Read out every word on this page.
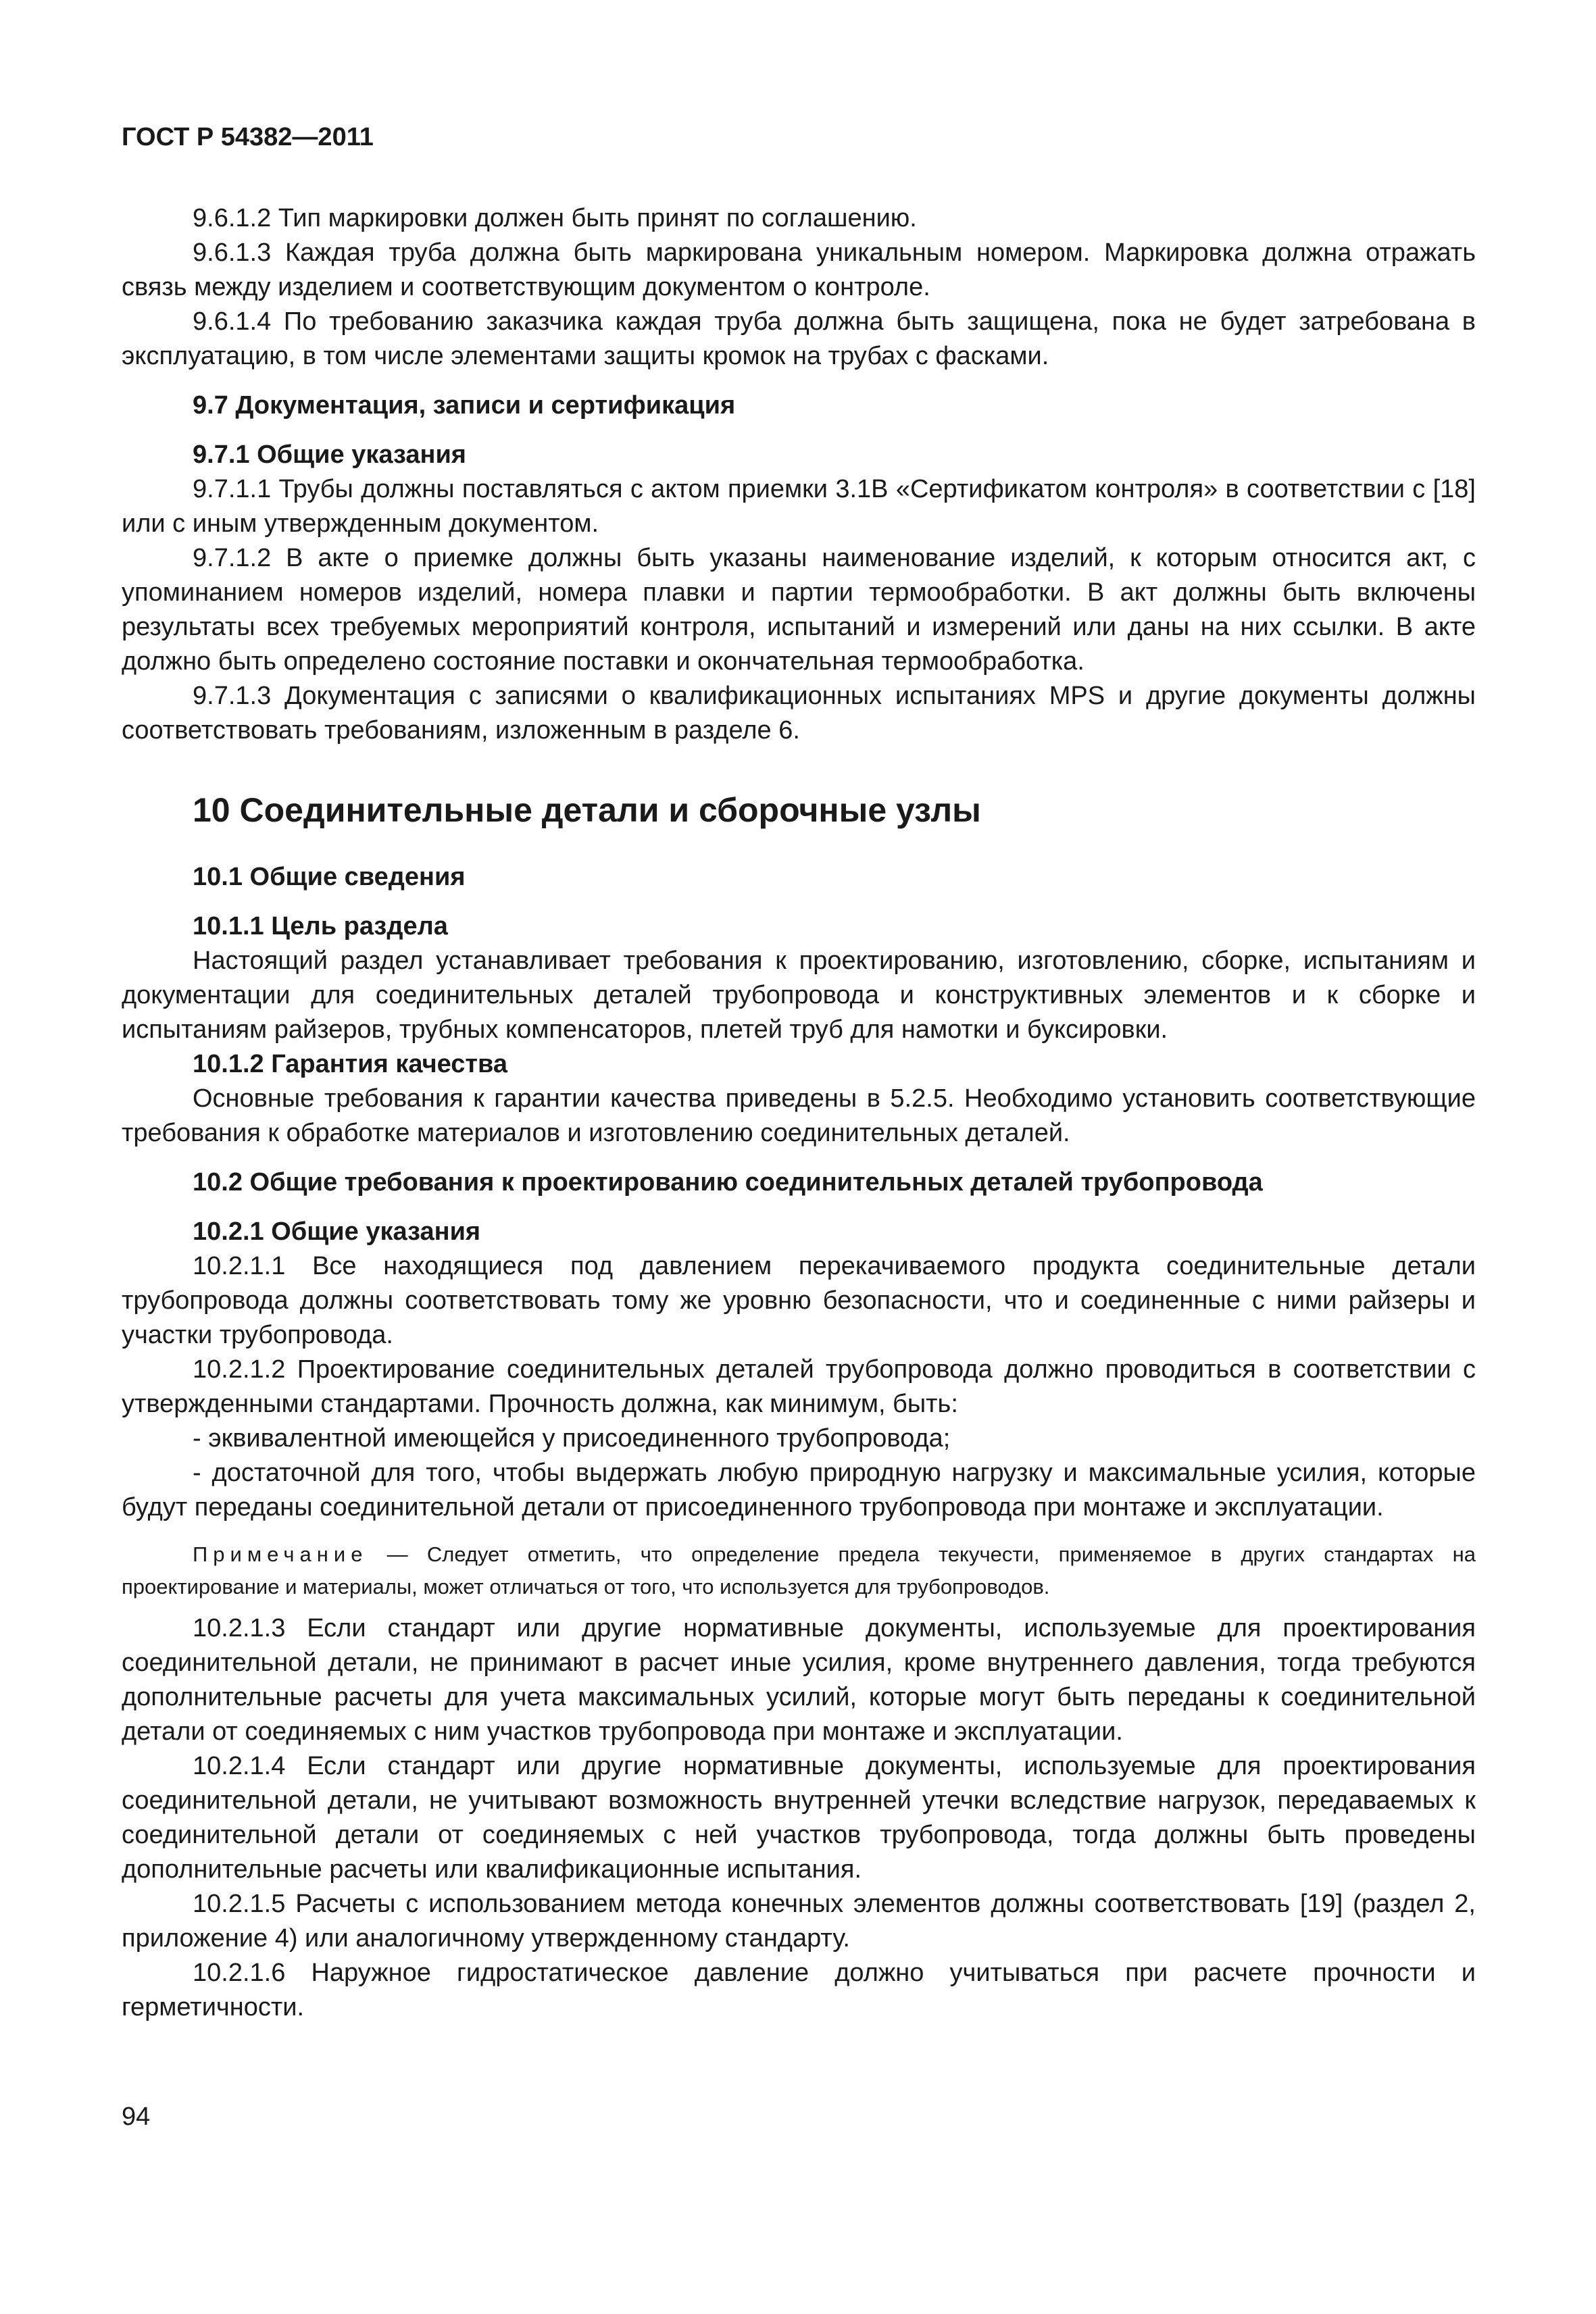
ГОСТ Р 54382—2011

9.6.1.2 Тип маркировки должен быть принят по соглашению.

9.6.1.3 Каждая труба должна быть маркирована уникальным номером. Маркировка должна отражать связь между изделием и соответствующим документом о контроле.

9.6.1.4 По требованию заказчика каждая труба должна быть защищена, пока не будет затребована в эксплуатацию, в том числе элементами защиты кромок на трубах с фасками.

9.7 Документация, записи и сертификация
9.7.1 Общие указания

9.7.1.1 Трубы должны поставляться с актом приемки 3.1В «Сертификатом контроля» в соответствии с [18] или с иным утвержденным документом.

9.7.1.2 В акте о приемке должны быть указаны наименование изделий, к которым относится акт, с упоминанием номеров изделий, номера плавки и партии термообработки. В акт должны быть включены результаты всех требуемых мероприятий контроля, испытаний и измерений или даны на них ссылки. В акте должно быть определено состояние поставки и окончательная термообработка.

9.7.1.3 Документация с записями о квалификационных испытаниях MPS и другие документы должны соответствовать требованиям, изложенным в разделе 6.

10 Соединительные детали и сборочные узлы
10.1 Общие сведения
10.1.1 Цель раздела

Настоящий раздел устанавливает требования к проектированию, изготовлению, сборке, испытаниям и документации для соединительных деталей трубопровода и конструктивных элементов и к сборке и испытаниям райзеров, трубных компенсаторов, плетей труб для намотки и буксировки.

10.1.2 Гарантия качества

Основные требования к гарантии качества приведены в 5.2.5. Необходимо установить соответствующие требования к обработке материалов и изготовлению соединительных деталей.

10.2 Общие требования к проектированию соединительных деталей трубопровода
10.2.1 Общие указания

10.2.1.1 Все находящиеся под давлением перекачиваемого продукта соединительные детали трубопровода должны соответствовать тому же уровню безопасности, что и соединенные с ними райзеры и участки трубопровода.

10.2.1.2 Проектирование соединительных деталей трубопровода должно проводиться в соответствии с утвержденными стандартами. Прочность должна, как минимум, быть:

- эквивалентной имеющейся у присоединенного трубопровода;

- достаточной для того, чтобы выдержать любую природную нагрузку и максимальные усилия, которые будут переданы соединительной детали от присоединенного трубопровода при монтаже и эксплуатации.

Примечание — Следует отметить, что определение предела текучести, применяемое в других стандартах на проектирование и материалы, может отличаться от того, что используется для трубопроводов.

10.2.1.3 Если стандарт или другие нормативные документы, используемые для проектирования соединительной детали, не принимают в расчет иные усилия, кроме внутреннего давления, тогда требуются дополнительные расчеты для учета максимальных усилий, которые могут быть переданы к соединительной детали от соединяемых с ним участков трубопровода при монтаже и эксплуатации.

10.2.1.4 Если стандарт или другие нормативные документы, используемые для проектирования соединительной детали, не учитывают возможность внутренней утечки вследствие нагрузок, передаваемых к соединительной детали от соединяемых с ней участков трубопровода, тогда должны быть проведены дополнительные расчеты или квалификационные испытания.

10.2.1.5 Расчеты с использованием метода конечных элементов должны соответствовать [19] (раздел 2, приложение 4) или аналогичному утвержденному стандарту.

10.2.1.6 Наружное гидростатическое давление должно учитываться при расчете прочности и герметичности.

94
